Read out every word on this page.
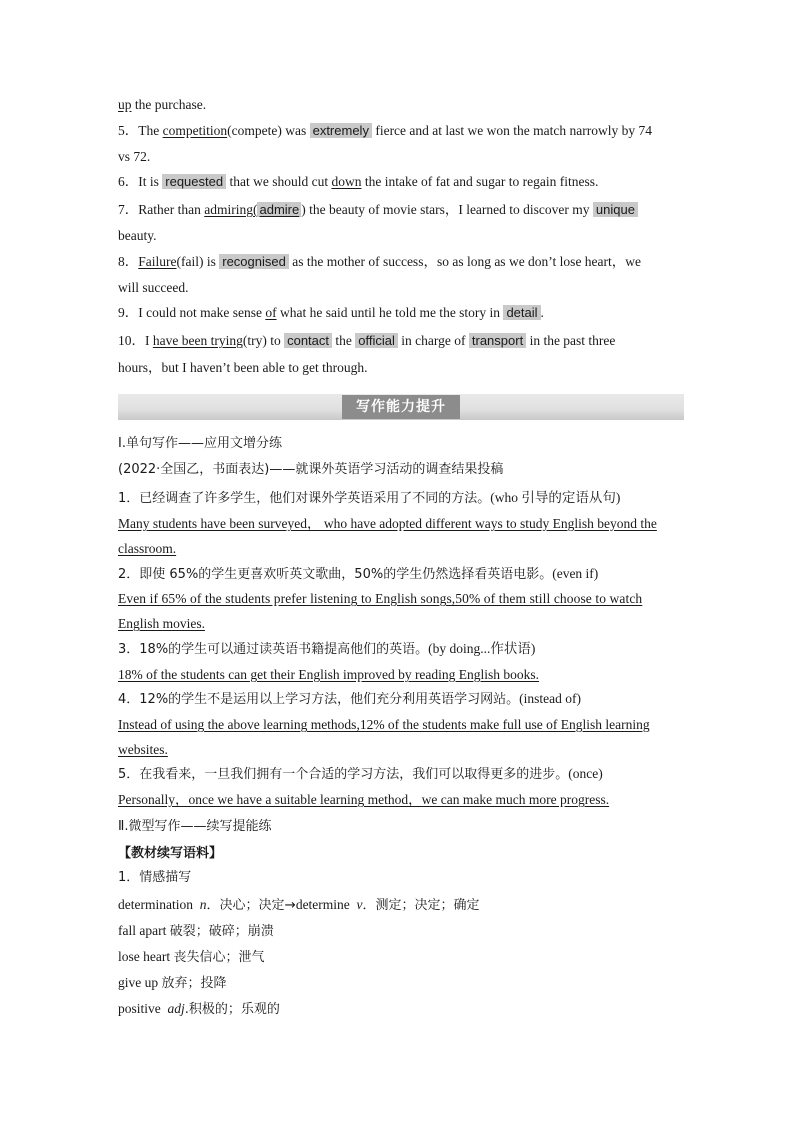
up the purchase.
5．The competition(compete) was extremely fierce and at last we won the match narrowly by 74
vs 72.
6．It is requested that we should cut down the intake of fat and sugar to regain fitness.
7．Rather than admiring( admire ) the beauty of movie stars，I learned to discover my unique
beauty.
8．Failure(fail) is recognised as the mother of success，so as long as we don’t lose heart，we
will succeed.
9．I could not make sense of what he said until he told me the story in detail .
10．I have been trying(try) to contact the official in charge of transport in the past three
hours，but I haven’t been able to get through.
写作能力提升
Ⅰ.单句写作——应用文增分练
(2022·全国乙，书面表达)——就课外英语学习活动的调查结果投稿
1．已经调查了许多学生，他们对课外学英语采用了不同的方法。(who 引导的定语从句)
Many students have been surveyed， who have adopted different ways to study English beyond the
classroom.
2．即使 65%的学生更喜欢听英文歌曲，50%的学生仍然选择看英语电影。(even if)
Even if 65% of the students prefer listening to English songs,50% of them still choose to watch
English movies.
3．18%的学生可以通过读英语书籍提高他们的英语。(by doing...作状语)
18% of the students can get their English improved by reading English books.
4．12%的学生不是运用以上学习方法，他们充分利用英语学习网站。(instead of)
Instead of using the above learning methods,12% of the students make full use of English learning
websites.
5．在我看来，一旦我们拥有一个合适的学习方法，我们可以取得更多的进步。(once)
Personally，once we have a suitable learning method，we can make much more progress.
Ⅱ.微型写作——续写提能练
【教材续写语料】
1．情感描写
determination n．决心；决定→determine v．测定；决定；确定
fall apart 破裂；破碎；崩溃
lose heart 丧失信心；泄气
give up 放弃；投降
positive  adj.积极的；乐观的
